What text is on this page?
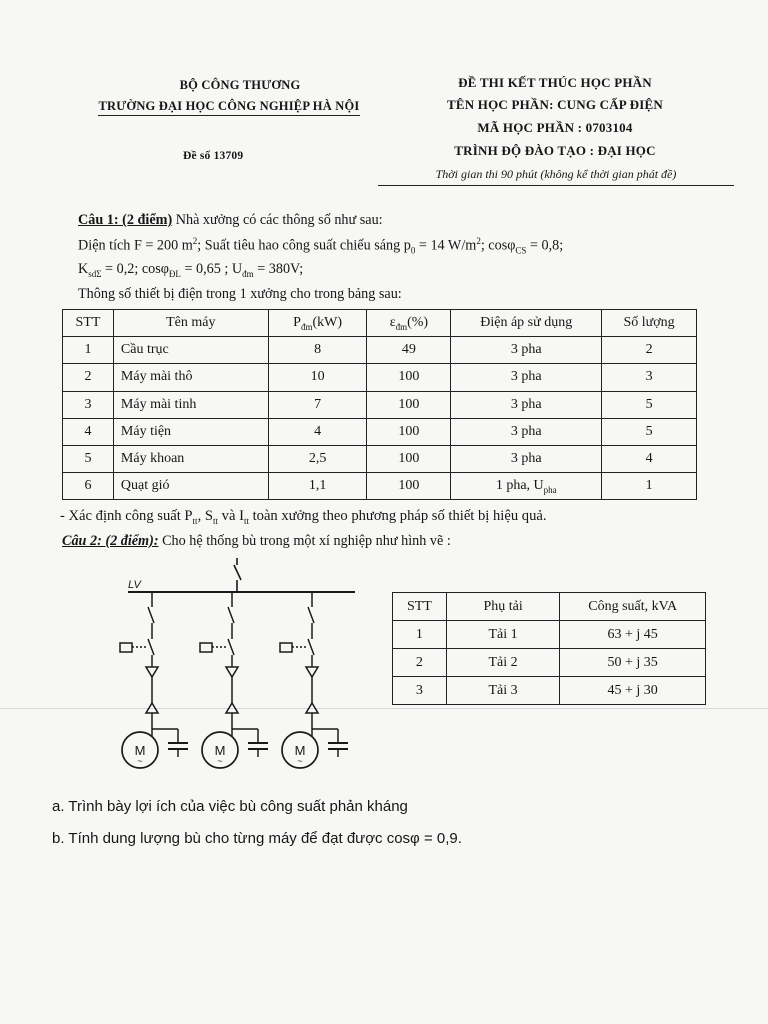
BỘ CÔNG THƯƠNG
TRƯỜNG ĐẠI HỌC CÔNG NGHIỆP HÀ NỘI
Đề số 13709
ĐỀ THI KẾT THÚC HỌC PHẦN
TÊN HỌC PHẦN: CUNG CẤP ĐIỆN
MÃ HỌC PHẦN : 0703104
TRÌNH ĐỘ ĐÀO TẠO : ĐẠI HỌC
Thời gian thi 90 phút (không kể thời gian phát đề)
Câu 1: (2 điểm) Nhà xưởng có các thông số như sau:
Diện tích F = 200 $m^2$; Suất tiêu hao công suất chiếu sáng $p_0 = 14$ $W/m^2$; cosφ$_{CS}$ = 0,8;
$K_{sd\Sigma} = 0,2$; cosφ$_{ĐL}$ = 0,65 ; $U_{đm} = 380V$;
Thông số thiết bị điện trong 1 xưởng cho trong bảng sau:
STT	Tên máy	$P_{đm}(kW)$	$\varepsilon_{đm}(\%)$	Điện áp sử dụng	Số lượng
1	Cầu trục	8	49	3 pha	2
2	Máy mài thô	10	100	3 pha	3
3	Máy mài tinh	7	100	3 pha	5
4	Máy tiện	4	100	3 pha	5
5	Máy khoan	2,5	100	3 pha	4
6	Quạt gió	1,1	100	1 pha, $U_{pha}$	1
- Xác định công suất $P_{tt}$, $S_{tt}$ và $I_{tt}$ toàn xưởng theo phương pháp số thiết bị hiệu quả.
Câu 2: (2 điểm): Cho hệ thống bù trong một xí nghiệp như hình vẽ :
LV
M
~
M
~
M
~
STT	Phụ tải	Công suất, kVA
1	Tải 1	63 + j 45
2	Tải 2	50 + j 35
3	Tải 3	45 + j 30
a. Trình bày lợi ích của việc bù công suất phản kháng
b. Tính dung lượng bù cho từng máy để đạt được cosφ = 0,9.
